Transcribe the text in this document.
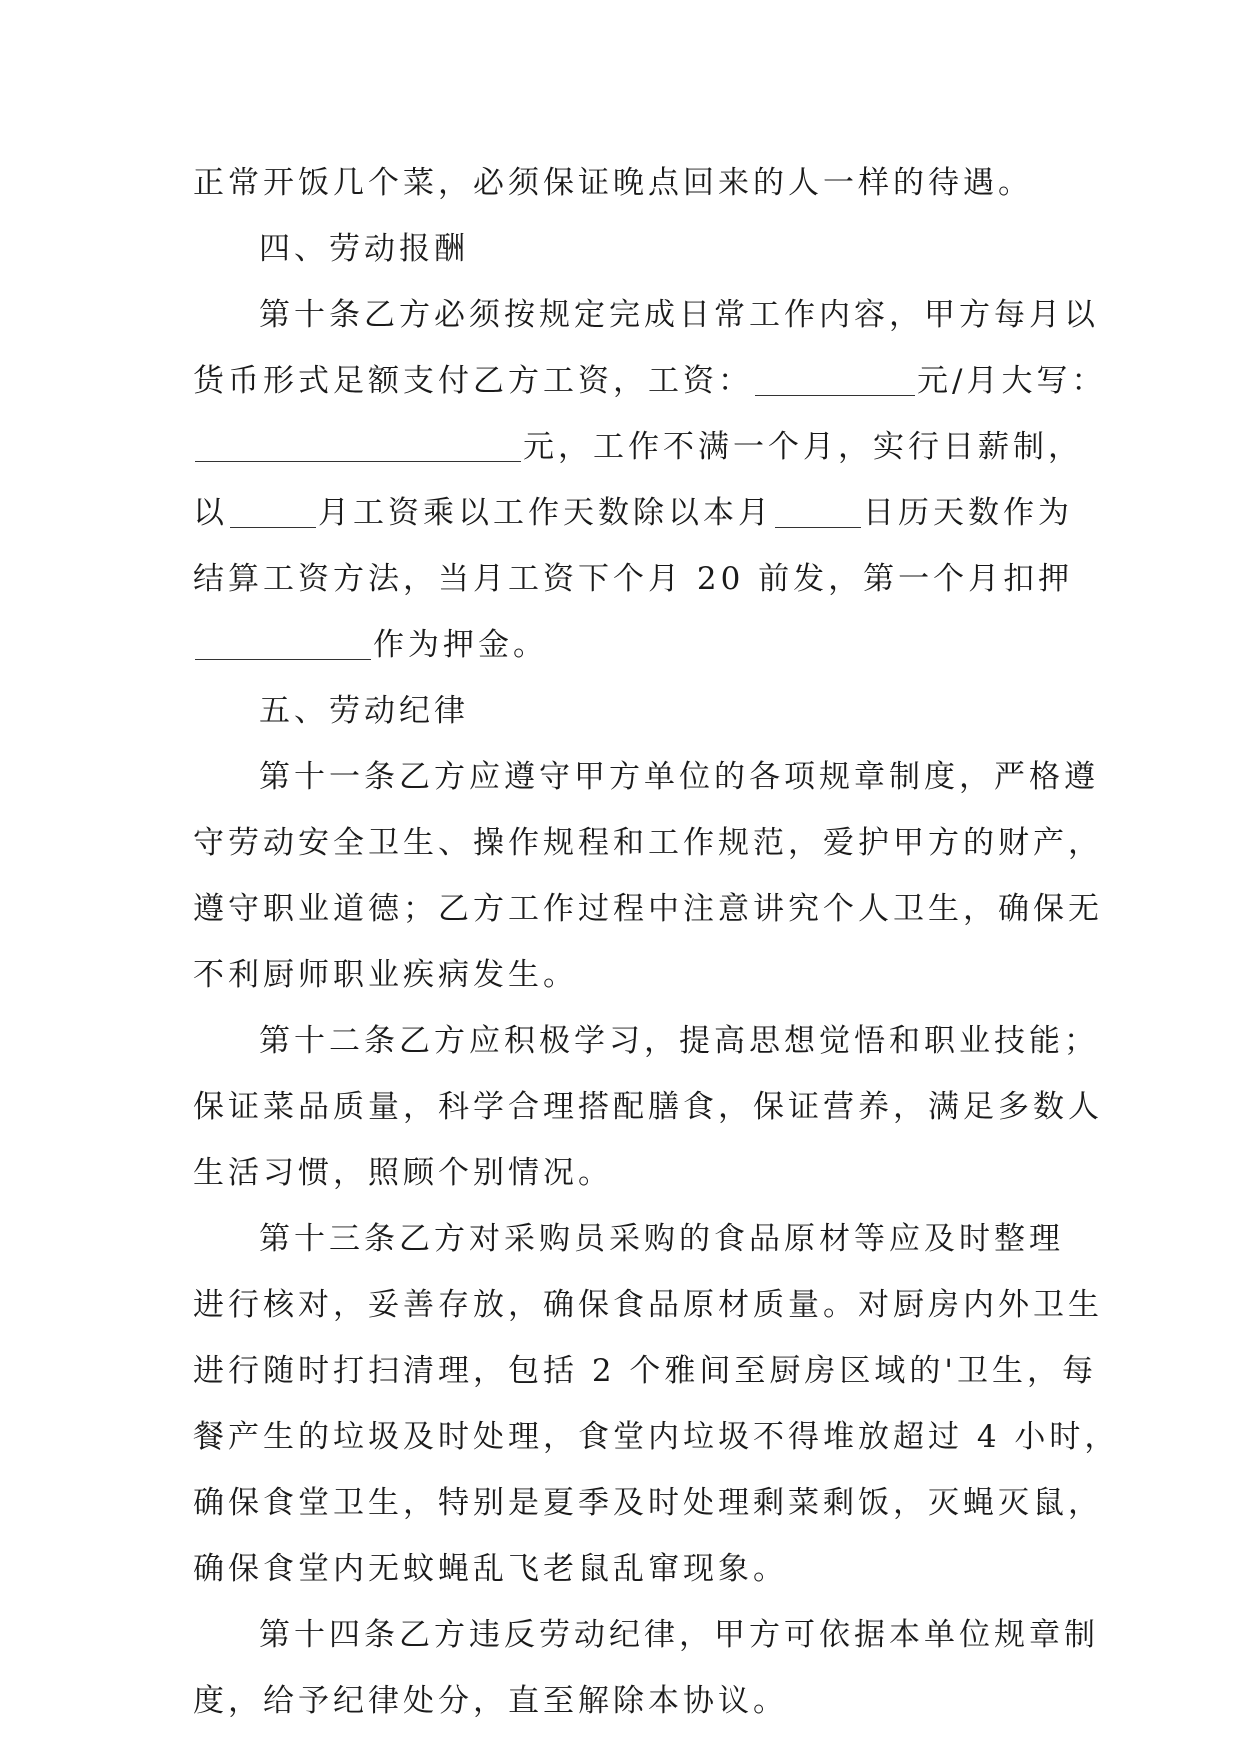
正常开饭几个菜，必须保证晚点回来的人一样的待遇。
四、劳动报酬
第十条乙方必须按规定完成日常工作内容，甲方每月以
货币形式足额支付乙方工资，工资：	元/月大写：
元，工作不满一个月，实行日薪制，
以	月工资乘以工作天数除以本月	日历天数作为
结算工资方法，当月工资下个月 20 前发，第一个月扣押
作为押金。
五、劳动纪律
第十一条乙方应遵守甲方单位的各项规章制度，严格遵
守劳动安全卫生、操作规程和工作规范，爱护甲方的财产，
遵守职业道德；乙方工作过程中注意讲究个人卫生，确保无
不利厨师职业疾病发生。
第十二条乙方应积极学习，提高思想觉悟和职业技能；
保证菜品质量，科学合理搭配膳食，保证营养，满足多数人
生活习惯，照顾个别情况。
第十三条乙方对采购员采购的食品原材等应及时整理
进行核对，妥善存放，确保食品原材质量。对厨房内外卫生
进行随时打扫清理，包括 2 个雅间至厨房区域的'卫生，每
餐产生的垃圾及时处理，食堂内垃圾不得堆放超过 4 小时，
确保食堂卫生，特别是夏季及时处理剩菜剩饭，灭蝇灭鼠，
确保食堂内无蚊蝇乱飞老鼠乱窜现象。
第十四条乙方违反劳动纪律，甲方可依据本单位规章制
度，给予纪律处分，直至解除本协议。
